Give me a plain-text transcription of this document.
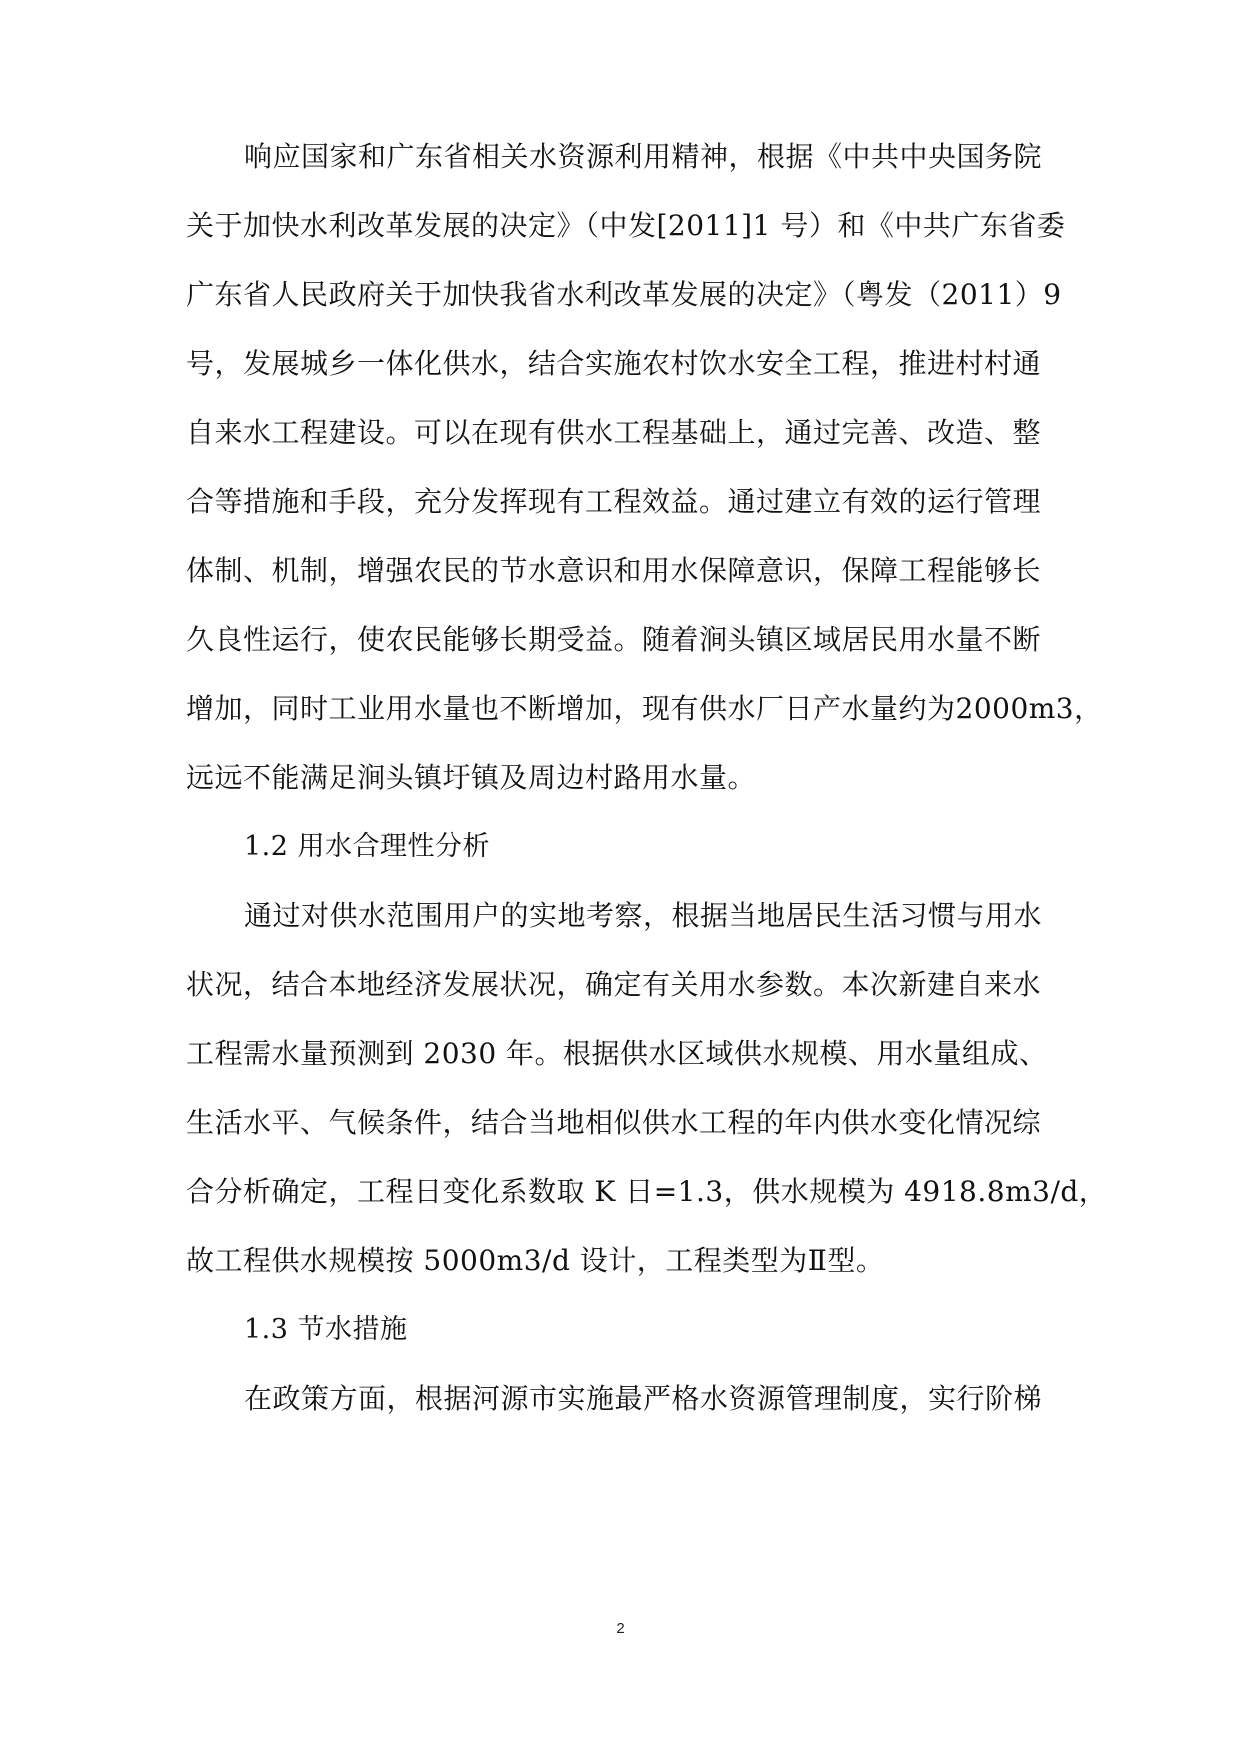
响应国家和广东省相关水资源利用精神，根据《中共中央国务院
关于加快水利改革发展的决定》（中发[2011]1 号）和《中共广东省委
广东省人民政府关于加快我省水利改革发展的决定》（粤发（2011）9
号，发展城乡一体化供水，结合实施农村饮水安全工程，推进村村通
自来水工程建设。可以在现有供水工程基础上，通过完善、改造、整
合等措施和手段，充分发挥现有工程效益。通过建立有效的运行管理
体制、机制，增强农民的节水意识和用水保障意识，保障工程能够长
久良性运行，使农民能够长期受益。随着涧头镇区域居民用水量不断
增加，同时工业用水量也不断增加，现有供水厂日产水量约为2000m3，
远远不能满足涧头镇圩镇及周边村路用水量。
1.2 用水合理性分析
通过对供水范围用户的实地考察，根据当地居民生活习惯与用水
状况，结合本地经济发展状况，确定有关用水参数。本次新建自来水
工程需水量预测到 2030 年。根据供水区域供水规模、用水量组成、
生活水平、气候条件，结合当地相似供水工程的年内供水变化情况综
合分析确定，工程日变化系数取 K 日=1.3，供水规模为 4918.8m3/d，
故工程供水规模按 5000m3/d 设计，工程类型为Ⅱ型。
1.3 节水措施
在政策方面，根据河源市实施最严格水资源管理制度，实行阶梯
2
